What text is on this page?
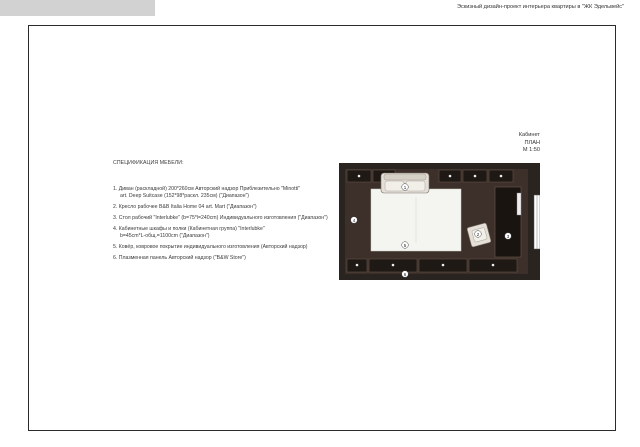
Эскизный дизайн-проект интерьера квартиры в "ЖК Эдельвейс"
Кабинет
ПЛАН
М 1:50
СПЕЦИФИКАЦИЯ МЕБЕЛИ:
1. Диван (раскладной) 200*260см Авторский надзор Приблезительно "Minotti"
art. Deep Suitcase (152*98*раскл. 235см) ("Диапазон")
2. Кресло рабочее B&B Italia Home 04 art. Mart ("Диапазон")
3. Стол рабочий "Interlubke" (b=75*l=240cm) Индивидуального изготовления ("Диапазон")
4. Кабинетные шкафы и полки (Кабинетная группа) "Interlubke"
b=45cm*L-общ.=1100cm ("Диапазон")
5. Ковёр, ковровое покрытие индивидуального изготовления (Авторский надзор)
6. Плазменная панель Авторский надзор ("B&W Store")
1
2	3
4
5
6
